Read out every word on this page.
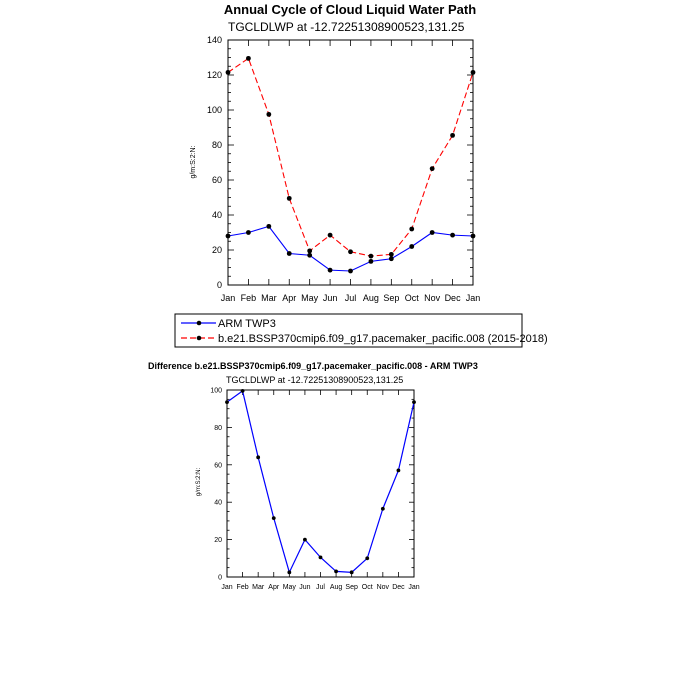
Annual Cycle of Cloud Liquid Water Path
TGCLDLWP at -12.72251308900523,131.25
g/m:S:2:N:
0
20
40
60
80
100
120
140
Jan Feb Mar Apr May Jun Jul Aug Sep Oct Nov Dec Jan
ARM TWP3
b.e21.BSSP370cmip6.f09_g17.pacemaker_pacific.008 (2015-2018)
Difference b.e21.BSSP370cmip6.f09_g17.pacemaker_pacific.008 - ARM TWP3
TGCLDLWP at -12.72251308900523,131.25
g/m:S:2:N:
0
20
40
60
80
100
Jan Feb Mar Apr May Jun Jul Aug Sep Oct Nov Dec Jan
